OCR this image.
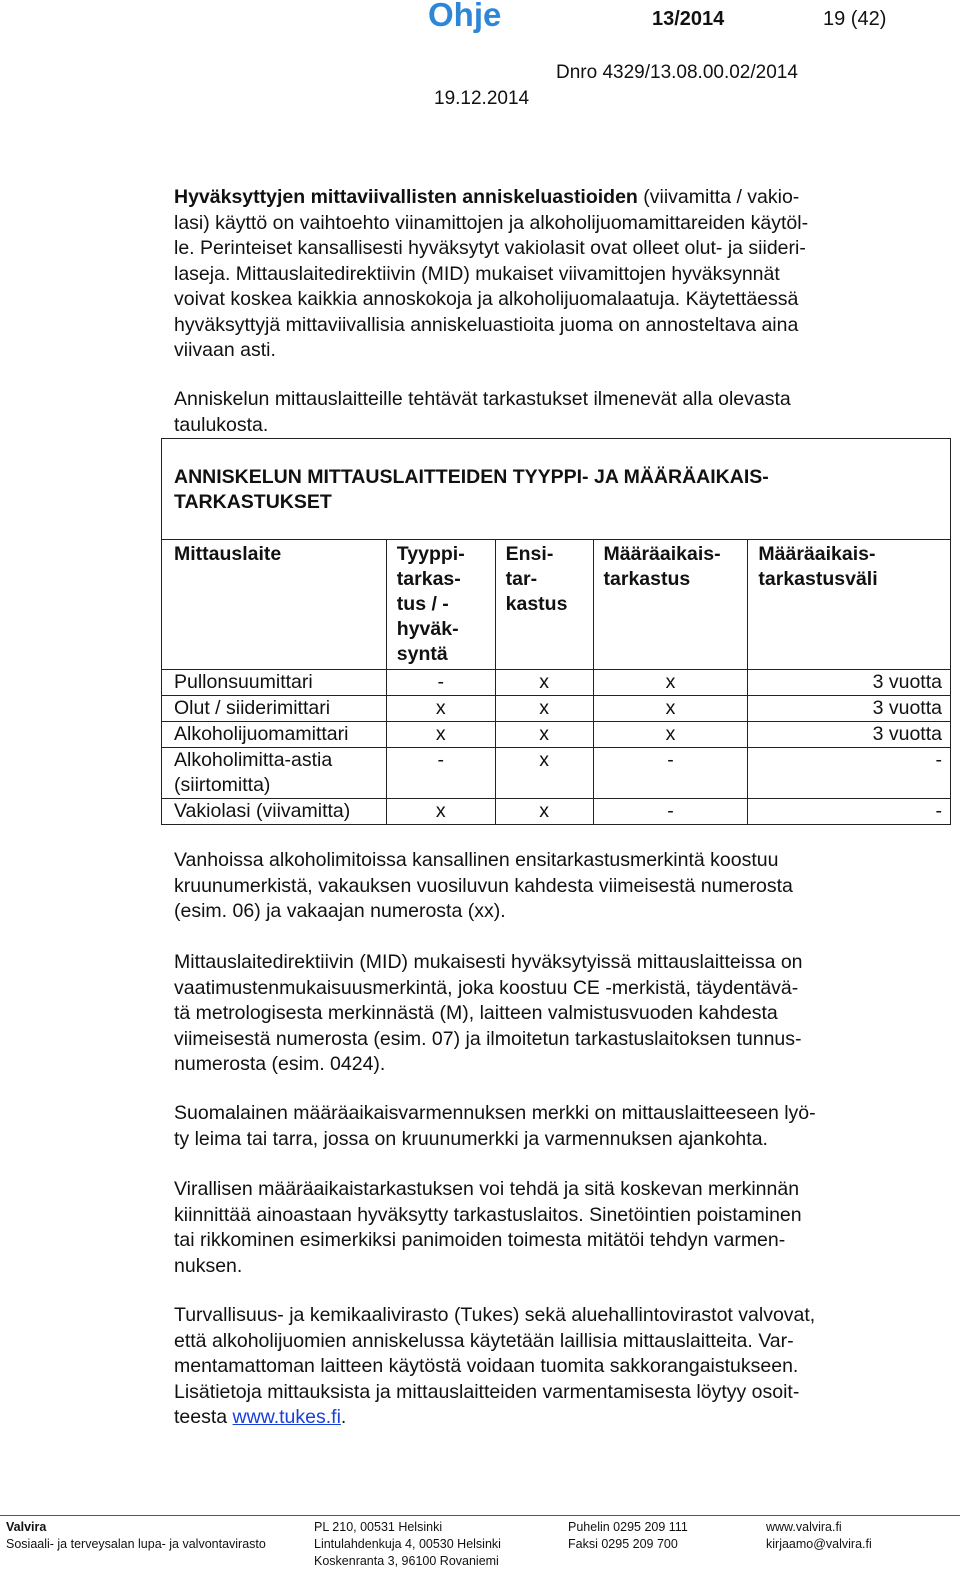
Ohje	13/2014	19 (42)
Dnro 4329/13.08.00.02/2014
19.12.2014

Hyväksyttyjen mittaviivallisten anniskeluastioiden (viivamitta / vakio-
lasi) käyttö on vaihtoehto viinamittojen ja alkoholijuomamittareiden käytöl-
le. Perinteiset kansallisesti hyväksytyt vakiolasit ovat olleet olut- ja siideri-
laseja. Mittauslaitedirektiivin (MID) mukaiset viivamittojen hyväksynnät
voivat koskea kaikkia annoskokoja ja alkoholijuomalaatuja. Käytettäessä
hyväksyttyjä mittaviivallisia anniskeluastioita juoma on annosteltava aina
viivaan asti.

Anniskelun mittauslaitteille tehtävät tarkastukset ilmenevät alla olevasta
taulukosta.

ANNISKELUN MITTAUSLAITTEIDEN TYYPPI- JA MÄÄRÄAIKAIS-
TARKASTUKSET				

Mittauslaite	Tyyppi-
tarkas-
tus / -
hyväk-
syntä	Ensi-
tar-
kastus	Määräaikais-
tarkastus	Määräaikais-
tarkastusväli

Pullonsuumittari	-	x	x	3 vuotta
Olut / siiderimittari	x	x	x	3 vuotta
Alkoholijuomamittari	x	x	x	3 vuotta

Alkoholimitta-astia
(siirtomitta)	-	x	-	-
Vakiolasi (viivamitta)	x	x	-	-

Vanhoissa alkoholimitoissa kansallinen ensitarkastusmerkintä koostuu
kruunumerkistä, vakauksen vuosiluvun kahdesta viimeisestä numerosta
(esim. 06) ja vakaajan numerosta (xx).

Mittauslaitedirektiivin (MID) mukaisesti hyväksytyissä mittauslaitteissa on
vaatimustenmukaisuusmerkintä, joka koostuu CE -merkistä, täydentävä-
tä metrologisesta merkinnästä (M), laitteen valmistusvuoden kahdesta
viimeisestä numerosta (esim. 07) ja ilmoitetun tarkastuslaitoksen tunnus-
numerosta (esim. 0424).

Suomalainen määräaikaisvarmennuksen merkki on mittauslaitteeseen lyö-
ty leima tai tarra, jossa on kruunumerkki ja varmennuksen ajankohta.

Virallisen määräaikaistarkastuksen voi tehdä ja sitä koskevan merkinnän
kiinnittää ainoastaan hyväksytty tarkastuslaitos. Sinetöintien poistaminen
tai rikkominen esimerkiksi panimoiden toimesta mitätöi tehdyn varmen-
nuksen.

Turvallisuus- ja kemikaalivirasto (Tukes) sekä aluehallintovirastot valvovat,
että alkoholijuomien anniskelussa käytetään laillisia mittauslaitteita. Var-
mentamattoman laitteen käytöstä voidaan tuomita sakkorangaistukseen.
Lisätietoja mittauksista ja mittauslaitteiden varmentamisesta löytyy osoit-
teesta www.tukes.fi.

Valvira
Sosiaali- ja terveysalan lupa- ja valvontavirasto
PL 210, 00531 Helsinki
Lintulahdenkuja 4, 00530 Helsinki
Koskenranta 3, 96100 Rovaniemi
Puhelin 0295 209 111
Faksi 0295 209 700
www.valvira.fi
kirjaamo@valvira.fi
